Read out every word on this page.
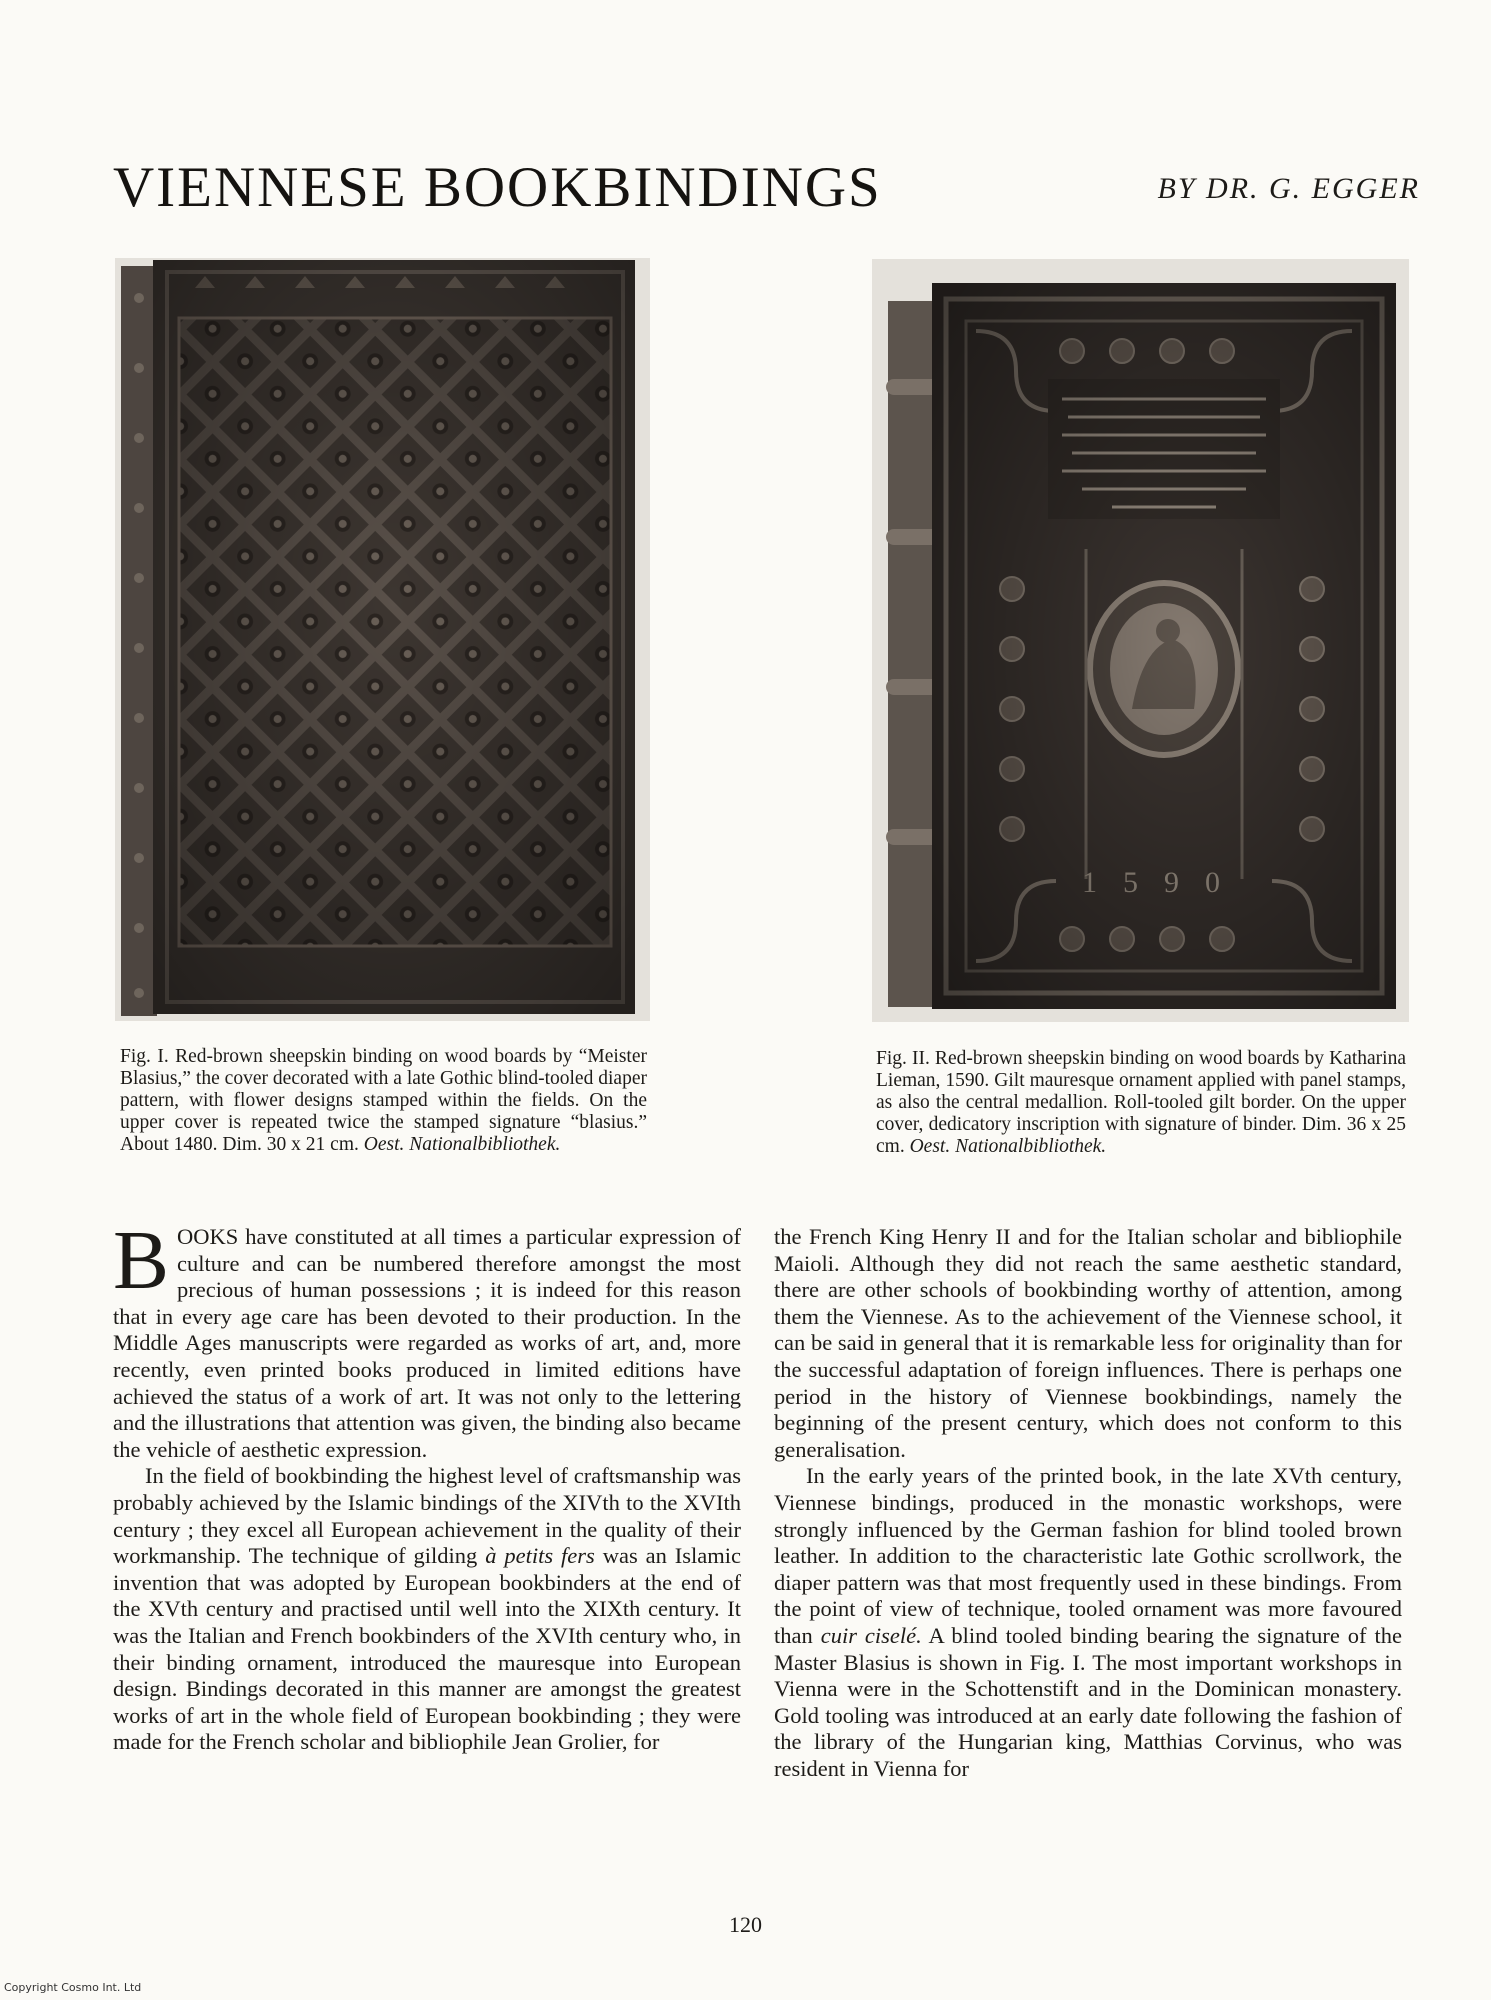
VIENNESE BOOKBINDINGS	BY DR. G. EGGER
Fig. I. Red-brown sheepskin binding on wood boards by “Meister Blasius,” the cover decorated with a late Gothic blind-tooled diaper pattern, with flower designs stamped within the fields. On the upper cover is repeated twice the stamped signature “blasius.” About 1480. Dim. 30 x 21 cm. Oest. Nationalbibliothek.
Fig. II. Red-brown sheepskin binding on wood boards by Katharina Lieman, 1590. Gilt mauresque ornament applied with panel stamps, as also the central medallion. Roll-tooled gilt border. On the upper cover, dedicatory inscription with signature of binder. Dim. 36 x 25 cm. Oest. Nationalbibliothek.

BOOKS have constituted at all times a particular expression of culture and can be numbered therefore amongst the most precious of human possessions ; it is indeed for this reason that in every age care has been devoted to their production. In the Middle Ages manuscripts were regarded as works of art, and, more recently, even printed books produced in limited editions have achieved the status of a work of art. It was not only to the lettering and the illustrations that attention was given, the binding also became the vehicle of aesthetic expression.

In the field of bookbinding the highest level of craftsmanship was probably achieved by the Islamic bindings of the XIVth to the XVIth century ; they excel all European achievement in the quality of their workmanship. The technique of gilding à petits fers was an Islamic invention that was adopted by European bookbinders at the end of the XVth century and practised until well into the XIXth century. It was the Italian and French bookbinders of the XVIth century who, in their binding ornament, introduced the mauresque into European design. Bindings decorated in this manner are amongst the greatest works of art in the whole field of European bookbinding ; they were made for the French scholar and bibliophile Jean Grolier, for

the French King Henry II and for the Italian scholar and bibliophile Maioli. Although they did not reach the same aesthetic standard, there are other schools of bookbinding worthy of attention, among them the Viennese. As to the achievement of the Viennese school, it can be said in general that it is remarkable less for originality than for the successful adaptation of foreign influences. There is perhaps one period in the history of Viennese bookbindings, namely the beginning of the present century, which does not conform to this generalisation.

In the early years of the printed book, in the late XVth century, Viennese bindings, produced in the monastic workshops, were strongly influenced by the German fashion for blind tooled brown leather. In addition to the characteristic late Gothic scrollwork, the diaper pattern was that most frequently used in these bindings. From the point of view of technique, tooled ornament was more favoured than cuir ciselé. A blind tooled binding bearing the signature of the Master Blasius is shown in Fig. I. The most important workshops in Vienna were in the Schottenstift and in the Dominican monastery. Gold tooling was introduced at an early date following the fashion of the library of the Hungarian king, Matthias Corvinus, who was resident in Vienna for

120
Copyright Cosmo Int. Ltd
